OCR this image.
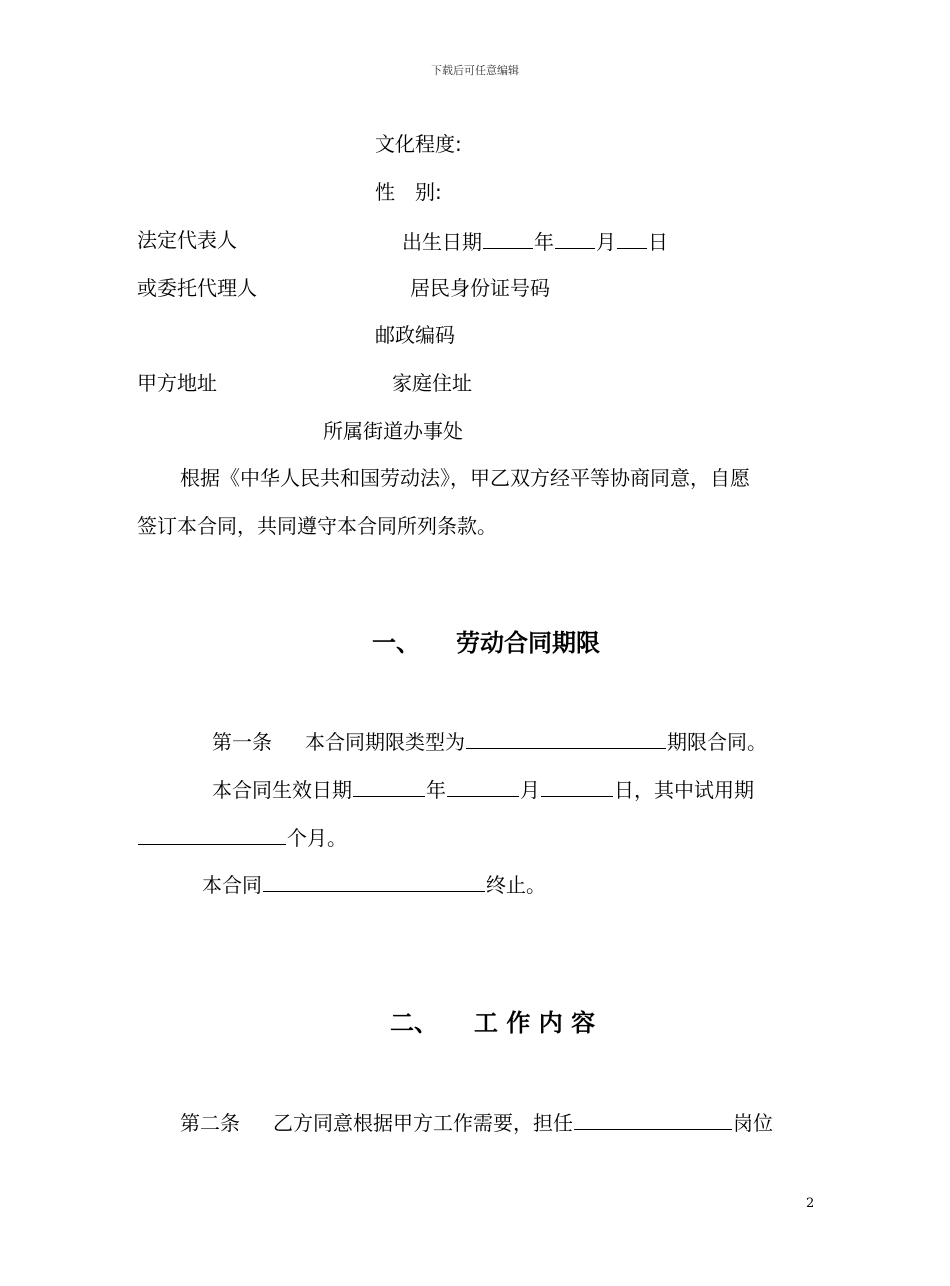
下载后可任意编辑
文化程度:
性　别:
法定代表人	出生日期	年 月 日
或委托代理人	居民身份证号码
邮政编码
甲方地址	家庭住址
所属街道办事处
根据《中华人民共和国劳动法》，甲乙双方经平等协商同意，自愿
签订本合同，共同遵守本合同所列条款。
一、 劳动合同期限
第一条 本合同期限类型为	期限合同。
本合同生效日期	年	月	日，其中试用期
个月。
本合同	终止。
二、 工 作 内 容
第二条 乙方同意根据甲方工作需要，担任	岗位
2
